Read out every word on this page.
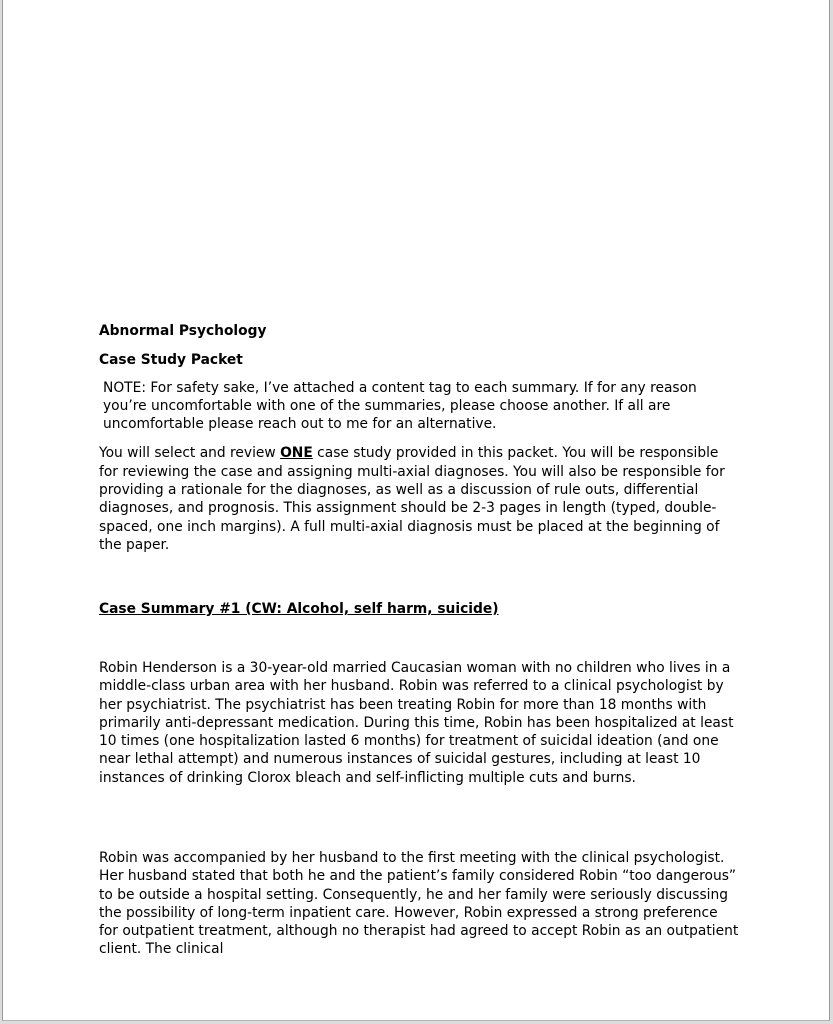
Abnormal Psychology

Case Study Packet

NOTE: For safety sake, I’ve attached a content tag to each summary. If for any reason you’re uncomfortable with one of the summaries, please choose another. If all are uncomfortable please reach out to me for an alternative.

You will select and review ONE case study provided in this packet. You will be responsible for reviewing the case and assigning multi-axial diagnoses. You will also be responsible for providing a rationale for the diagnoses, as well as a discussion of rule outs, differential diagnoses, and prognosis. This assignment should be 2-3 pages in length (typed, double-spaced, one inch margins). A full multi-axial diagnosis must be placed at the beginning of the paper.

Case Summary #1 (CW: Alcohol, self harm, suicide)

Robin Henderson is a 30-year-old married Caucasian woman with no children who lives in a middle-class urban area with her husband. Robin was referred to a clinical psychologist by her psychiatrist. The psychiatrist has been treating Robin for more than 18 months with primarily anti-depressant medication. During this time, Robin has been hospitalized at least 10 times (one hospitalization lasted 6 months) for treatment of suicidal ideation (and one near lethal attempt) and numerous instances of suicidal gestures, including at least 10 instances of drinking Clorox bleach and self-inflicting multiple cuts and burns.

Robin was accompanied by her husband to the first meeting with the clinical psychologist. Her husband stated that both he and the patient’s family considered Robin “too dangerous” to be outside a hospital setting. Consequently, he and her family were seriously discussing the possibility of long-term inpatient care. However, Robin expressed a strong preference for outpatient treatment, although no therapist had agreed to accept Robin as an outpatient client. The clinical
